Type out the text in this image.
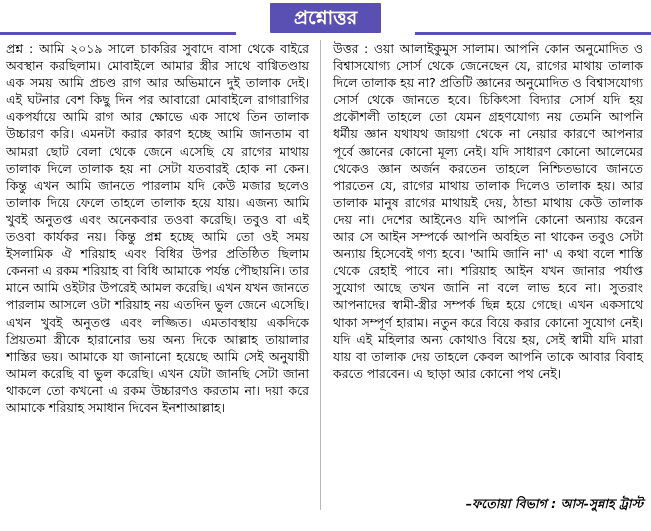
প্রশ্নোত্তর
প্রশ্ন : আমি ২০১৯ সালে চাকরির সুবাদে বাসা থেকে বাইরে অবস্থান করছিলাম। মোবাইলে আমার স্ত্রীর সাথে বাগ্বিতণ্ডায় এক সময় আমি প্রচণ্ড রাগ আর অভিমানে দুই তালাক দেই। এই ঘটনার বেশ কিছু দিন পর আবারো মোবাইলে রাগারাগির একপর্যায়ে আমি রাগ আর ক্ষোভে এক সাথে তিন তালাক উচ্চারণ করি। এমনটা করার কারণ হচ্ছে আমি জানতাম বা আমরা ছোট বেলা থেকে জেনে এসেছি যে রাগের মাথায় তালাক দিলে তালাক হয় না সেটা যতবারই হোক না কেন। কিন্তু এখন আমি জানতে পারলাম যদি কেউ মজার ছলেও তালাক দিয়ে ফেলে তাহলে তালাক হয়ে যায়। এজন্য আমি খুবই অনুতপ্ত এবং অনেকবার তওবা করেছি। তবুও বা এই তওবা কার্যকর নয়। কিন্তু প্রশ্ন হচ্ছে আমি তো ওই সময় ইসলামিক ঐ শরিয়াহ এবং বিধির উপর প্রতিষ্ঠিত ছিলাম কেননা এ রকম শরিয়াহ বা বিধি আমাকে পর্যন্ত পৌছায়নি। তার মানে আমি ওইটার উপরেই আমল করেছি। এখন যখন জানতে পারলাম আসলে ওটা শরিয়াহ নয় এতদিন ভুল জেনে এসেছি। এখন খুবই অনুতপ্ত এবং লজ্জিত। এমতাবস্থায় একদিকে প্রিয়তমা স্ত্রীকে হারানোর ভয় অন্য দিকে আল্লাহ তায়ালার শাস্তির ভয়। আমাকে যা জানানো হয়েছে আমি সেই অনুযায়ী আমল করেছি বা ভুল করেছি। এখন যেটা জানছি সেটা জানা থাকলে তো কখনো এ রকম উচ্চারণও করতাম না। দয়া করে আমাকে শরিয়াহ সমাধান দিবেন ইনশাআল্লাহ।
উত্তর : ওয়া আলাইকুমুস সালাম। আপনি কোন অনুমোদিত ও বিশ্বাসযোগ্য সোর্স থেকে জেনেছেন যে, রাগের মাথায় তালাক দিলে তালাক হয় না? প্রতিটি জ্ঞানের অনুমোদিত ও বিশ্বাসযোগ্য সোর্স থেকে জানতে হবে। চিকিৎসা বিদ্যার সোর্স যদি হয় প্রকৌশলী তাহলে তো যেমন গ্রহণযোগ্য নয় তেমনি আপনি ধর্মীয় জ্ঞান যথাযথ জায়গা থেকে না নেয়ার কারণে আপনার পূর্বে জ্ঞানের কোনো মূল্য নেই। যদি সাধারণ কোনো আলেমের থেকেও জ্ঞান অর্জন করতেন তাহলে নিশ্চিতভাবে জানতে পারতেন যে, রাগের মাথায় তালাক দিলেও তালাক হয়। আর তালাক মানুষ রাগের মাথায়ই দেয়, ঠান্ডা মাথায় কেউ তালাক দেয় না। দেশের আইনেও যদি আপনি কোনো অন্যায় করেন আর সে আইন সম্পর্কে আপনি অবহিত না থাকেন তবুও সেটা অন্যায় হিসেবেই গণ্য হবে। 'আমি জানি না' এ কথা বলে শাস্তি থেকে রেহাই পাবে না। শরিয়াহ আইন যখন জানার পর্যাপ্ত সুযোগ আছে তখন জানি না বলে লাভ হবে না। সুতরাং আপনাদের স্বামী-স্ত্রীর সম্পর্ক ছিন্ন হয়ে গেছে। এখন একসাথে থাকা সম্পূর্ণ হারাম। নতুন করে বিয়ে করার কোনো সুযোগ নেই। যদি এই মহিলার অন্য কোথাও বিয়ে হয়, সেই স্বামী যদি মারা যায় বা তালাক দেয় তাহলে কেবল আপনি তাকে আবার বিবাহ করতে পারবেন। এ ছাড়া আর কোনো পথ নেই।
–ফতোয়া বিভাগ : আস-সুন্নাহ ট্রাস্ট
